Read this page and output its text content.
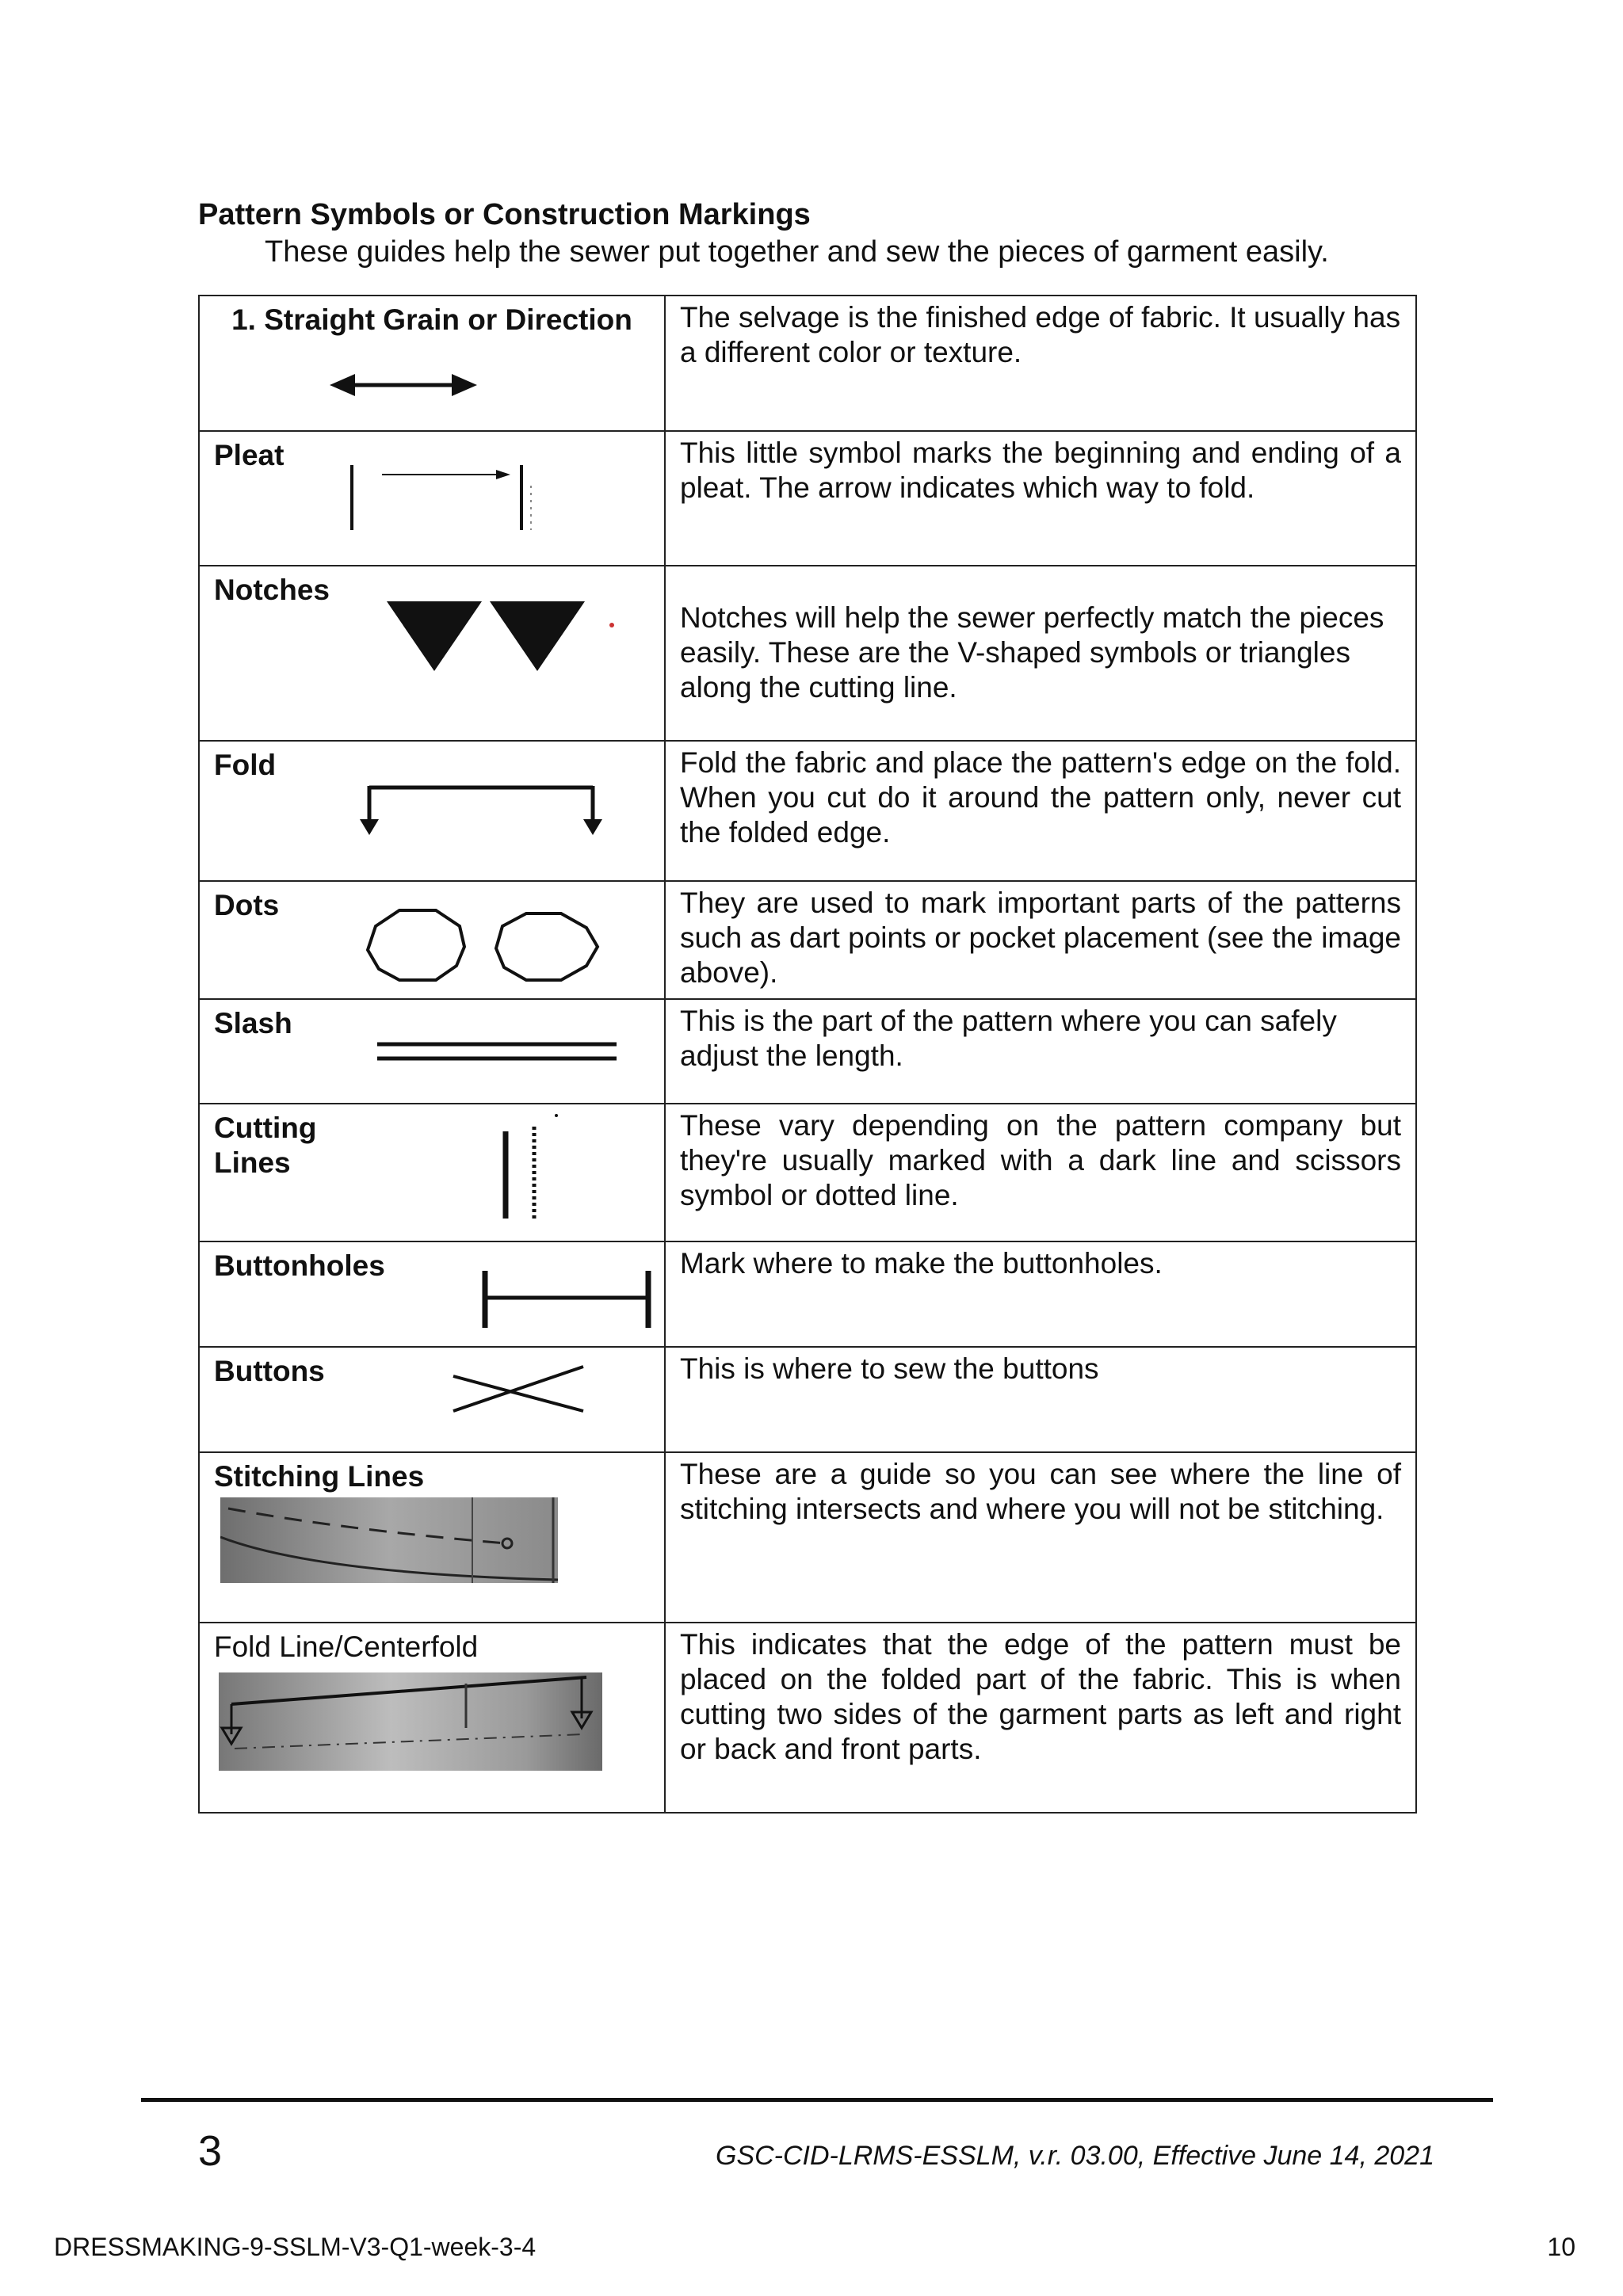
Pattern Symbols or Construction Markings
These guides help the sewer put together and sew the pieces of garment easily.
1. Straight Grain or Direction	The selvage is the finished edge of fabric. It usually has a different color or texture.

Pleat	This little symbol marks the beginning and ending of a pleat. The arrow indicates which way to fold.

Notches	Notches will help the sewer perfectly match the pieces easily. These are the V-shaped symbols or triangles along the cutting line.

Fold	Fold the fabric and place the pattern's edge on the fold. When you cut do it around the pattern only, never cut the folded edge.

Dots	They are used to mark important parts of the patterns such as dart points or pocket placement (see the image above).

Slash	This is the part of the pattern where you can safely adjust the length.

Cutting
Lines	These vary depending on the pattern company but they're usually marked with a dark line and scissors symbol or dotted line.

Buttonholes	Mark where to make the buttonholes.

Buttons	This is where to sew the buttons

Stitching Lines	These are a guide so you can see where the line of stitching intersects and where you will not be stitching.

Fold Line/Centerfold	This indicates that the edge of the pattern must be placed on the folded part of the fabric. This is when cutting two sides of the garment parts as left and right or back and front parts.
3	GSC-CID-LRMS-ESSLM, v.r. 03.00, Effective June 14, 2021
DRESSMAKING-9-SSLM-V3-Q1-week-3-4	10
